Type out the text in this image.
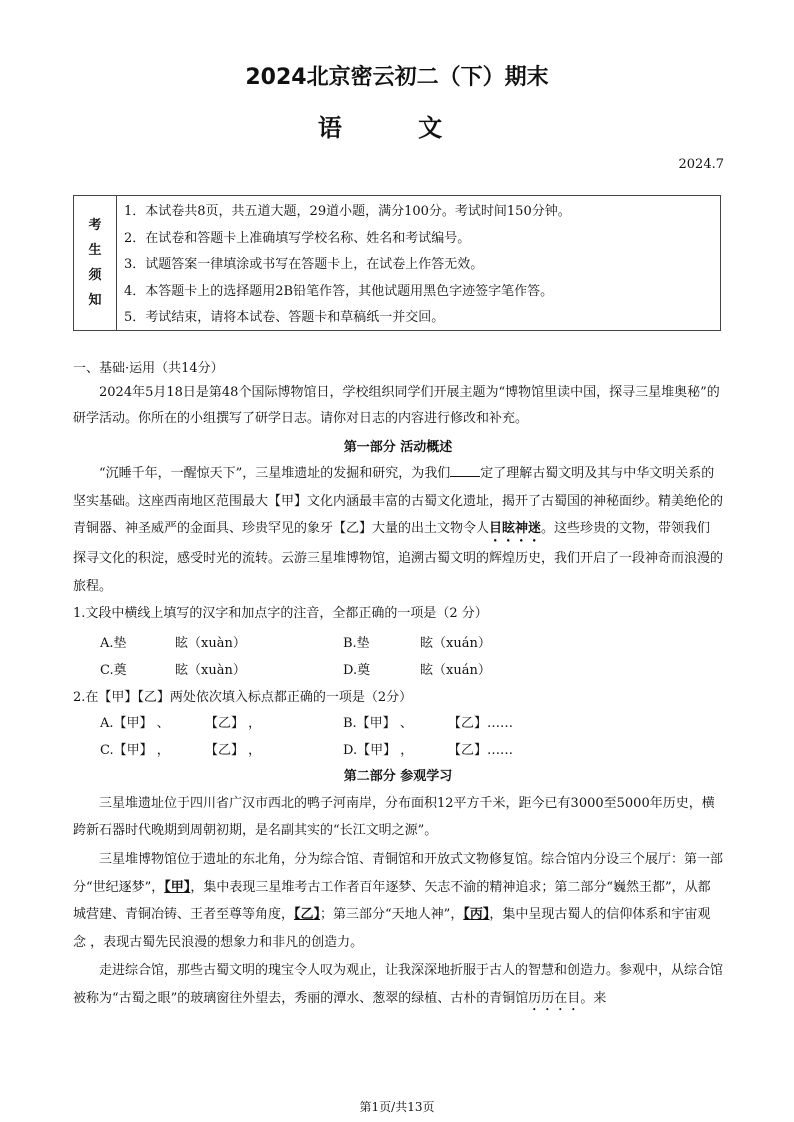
2024北京密云初二（下）期末
语 文
2024.7
考
生
须
知
1．本试卷共8页，共五道大题，29道小题，满分100分。考试时间150分钟。
2．在试卷和答题卡上准确填写学校名称、姓名和考试编号。
3．试题答案一律填涂或书写在答题卡上，在试卷上作答无效。
4．本答题卡上的选择题用2B铅笔作答，其他试题用黑色字迹签字笔作答。
5．考试结束，请将本试卷、答题卡和草稿纸一并交回。
一、基础·运用（共14分）
2024年5月18日是第48个国际博物馆日，学校组织同学们开展主题为“博物馆里读中国，探寻三星堆奥秘”的研学活动。你所在的小组撰写了研学日志。请你对日志的内容进行修改和补充。
第一部分 活动概述
“沉睡千年，一醒惊天下”，三星堆遗址的发掘和研究，为我们 定了理解古蜀文明及其与中华文明关系的坚实基础。这座西南地区范围最大【甲】文化内涵最丰富的古蜀文化遗址，揭开了古蜀国的神秘面纱。精美绝伦的青铜器、神圣威严的金面具、珍贵罕见的象牙【乙】大量的出土文物令人目眩神迷。这些珍贵的文物，带领我们探寻文化的积淀，感受时光的流转。云游三星堆博物馆，追溯古蜀文明的辉煌历史，我们开启了一段神奇而浪漫的旅程。
1.文段中横线上填写的汉字和加点字的注音，全都正确的一项是（2 分）
A.垫	眩（xuàn）	B.垫	眩（xuán）
C.奠	眩（xuàn）	D.奠	眩（xuán）
2.在【甲】【乙】两处依次填入标点都正确的一项是（2分）
A.【甲】 、	【乙】 ，	B.【甲】 、	【乙】……
C.【甲】 ，	【乙】 ，	D.【甲】 ，	【乙】……
第二部分 参观学习
三星堆遗址位于四川省广汉市西北的鸭子河南岸，分布面积12平方千米，距今已有3000至5000年历史，横跨新石器时代晚期到周朝初期，是名副其实的“长江文明之源”。
三星堆博物馆位于遗址的东北角，分为综合馆、青铜馆和开放式文物修复馆。综合馆内分设三个展厅：第一部分“世纪逐梦”，【甲】，集中表现三星堆考古工作者百年逐梦、矢志不渝的精神追求；第二部分“巍然王都”，从都城营建、青铜冶铸、王者至尊等角度，【乙】；第三部分“天地人神”，【丙】，集中呈现古蜀人的信仰体系和宇宙观念 ，表现古蜀先民浪漫的想象力和非凡的创造力。
走进综合馆，那些古蜀文明的瑰宝令人叹为观止，让我深深地折服于古人的智慧和创造力。参观中，从综合馆被称为“古蜀之眼”的玻璃窗往外望去，秀丽的潭水、葱翠的绿植、古朴的青铜馆历历在目。来
第1页/共13页
